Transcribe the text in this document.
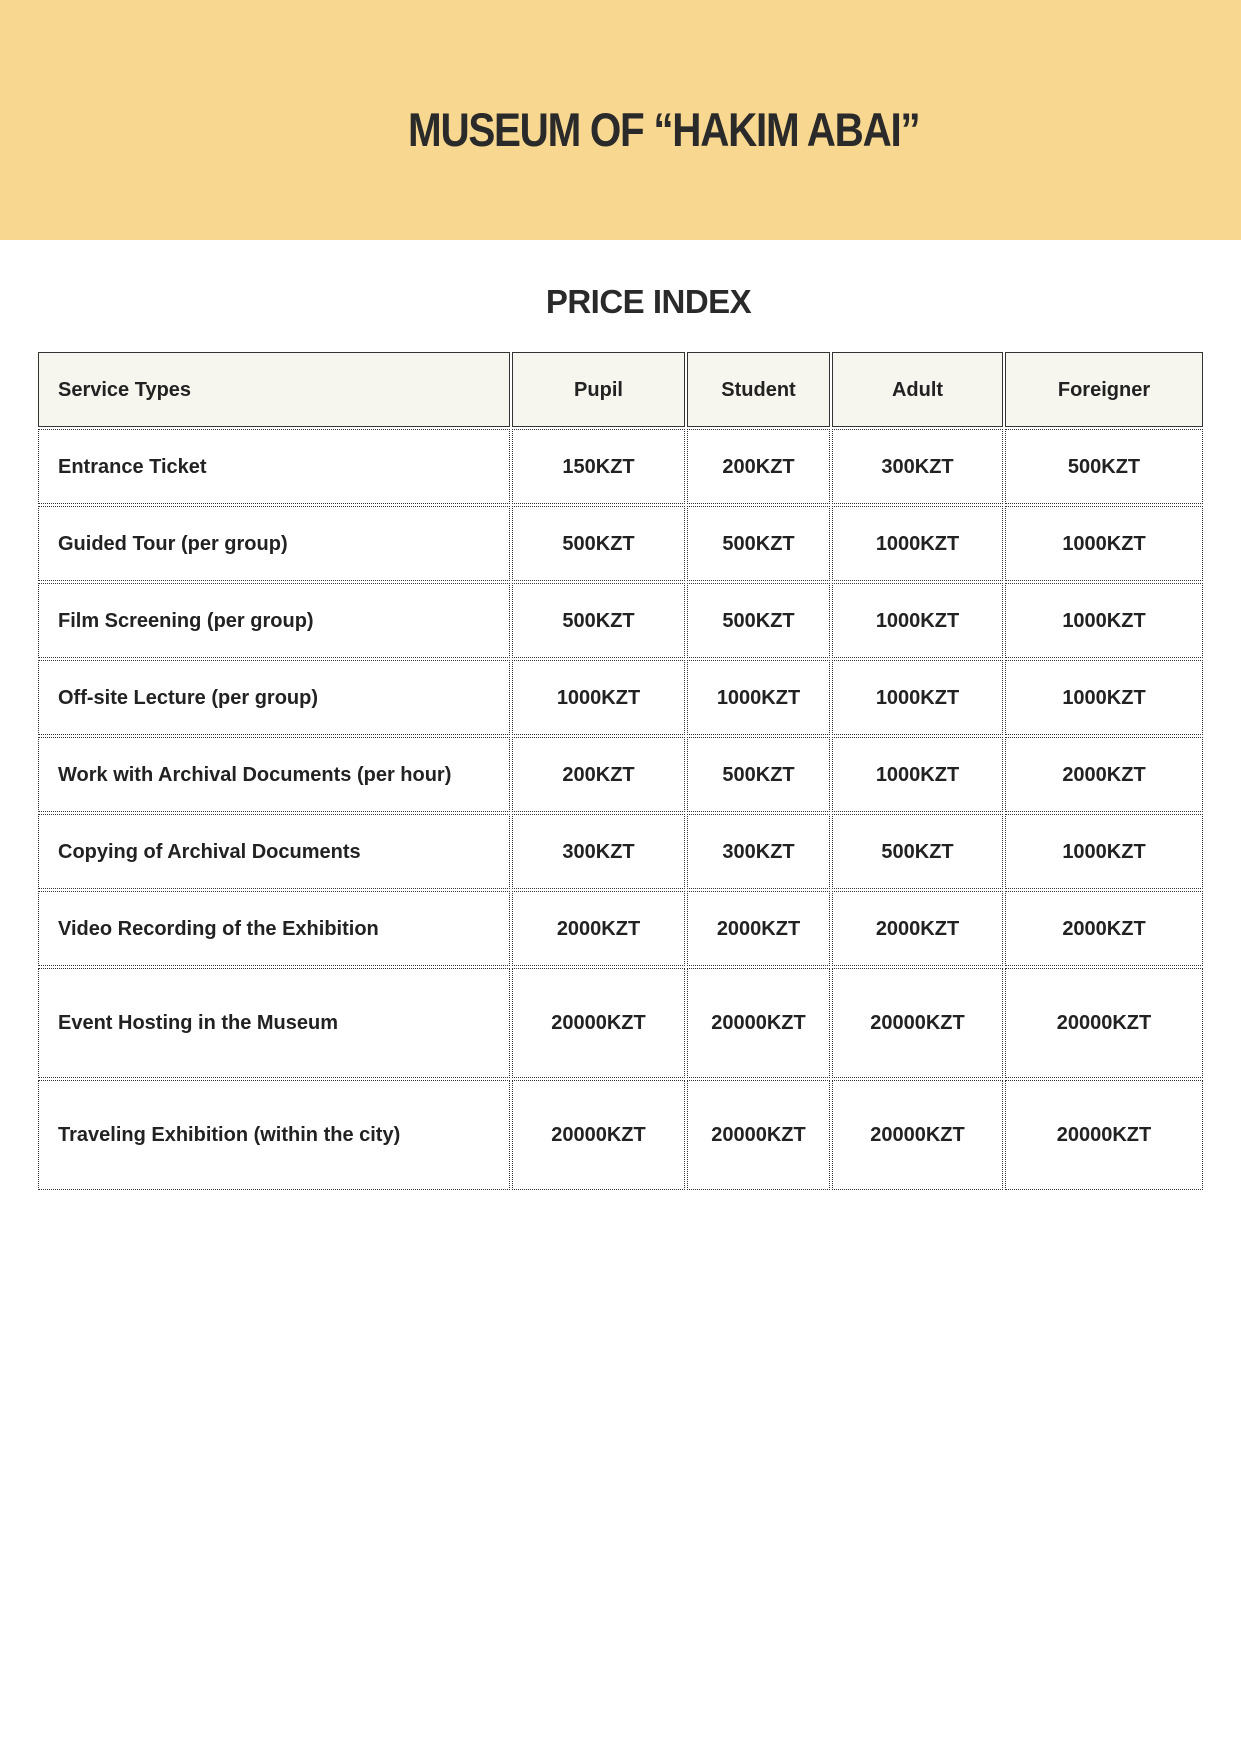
MUSEUM OF “HAKIM ABAI”
PRICE INDEX
Service Types	Pupil	Student	Adult	Foreigner
Entrance Ticket	150KZT	200KZT	300KZT	500KZT
Guided Tour (per group)	500KZT	500KZT	1000KZT	1000KZT
Film Screening (per group)	500KZT	500KZT	1000KZT	1000KZT
Off-site Lecture (per group)	1000KZT	1000KZT	1000KZT	1000KZT
Work with Archival Documents (per hour)	200KZT	500KZT	1000KZT	2000KZT
Copying of Archival Documents	300KZT	300KZT	500KZT	1000KZT
Video Recording of the Exhibition	2000KZT	2000KZT	2000KZT	2000KZT
Event Hosting in the Museum	20000KZT	20000KZT	20000KZT	20000KZT
Traveling Exhibition (within the city)	20000KZT	20000KZT	20000KZT	20000KZT
